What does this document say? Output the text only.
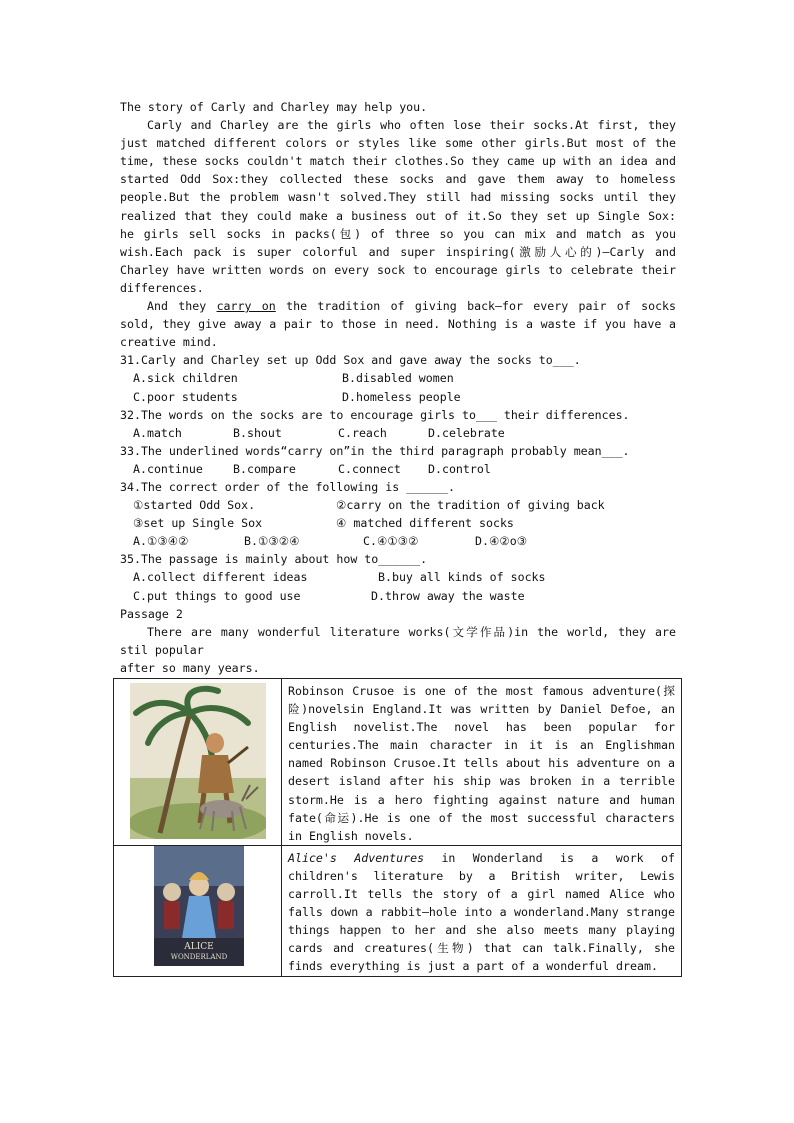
The story of Carly and Charley may help you.

Carly and Charley are the girls who often lose their socks.At first, they just matched different colors or styles like some other girls.But most of the time, these socks couldn't match their clothes.So they came up with an idea and started Odd Sox:they collected these socks and gave them away to homeless people.But the problem wasn't solved.They still had missing socks until they realized that they could make a business out of it.So they set up Single Sox: he girls sell socks in packs(包) of three so you can mix and match as you wish.Each pack is super colorful and super inspiring(激励人心的)—Carly and Charley have written words on every sock to encourage girls to celebrate their differences.

And they carry on the tradition of giving back—for every pair of socks sold, they give away a pair to those in need. Nothing is a waste if you have a creative mind.

31.Carly and Charley set up Odd Sox and gave away the socks to___.

A.sick children	B.disabled women
C.poor students	D.homeless people

32.The words on the socks are to encourage girls to___ their differences.

A.match	B.shout	C.reach	D.celebrate

33.The underlined words“carry on”in the third paragraph probably mean___.

A.continue	B.compare	C.connect	D.control

34.The correct order of the following is ______.

①started Odd Sox.	②carry on the tradition of giving back
③set up Single Sox	④ matched different socks
A.①③④②	B.①③②④	C.④①③②	D.④②o③

35.The passage is mainly about how to______.

A.collect different ideas	B.buy all kinds of socks
C.put things to good use	D.throw away the waste

Passage 2

There are many wonderful literature works(文学作品)in the world, they are stil popular

after so many years.

	Robinson Crusoe is one of the most famous adventure(探险)novelsin England.It was written by Daniel Defoe, an English novelist.The novel has been popular for centuries.The main character in it is an Englishman named Robinson Crusoe.It tells about his adventure on a desert island after his ship was broken in a terrible storm.He is a hero fighting against nature and human fate(命运).He is one of the most successful characters in English novels.

ALICE
WONDERLAND	Alice's Adventures in Wonderland is a work of children's literature by a British writer, Lewis carroll.It tells the story of a girl named Alice who falls down a rabbit—hole into a wonderland.Many strange things happen to her and she also meets many playing cards and creatures(生物) that can talk.Finally, she finds everything is just a part of a wonderful dream.
